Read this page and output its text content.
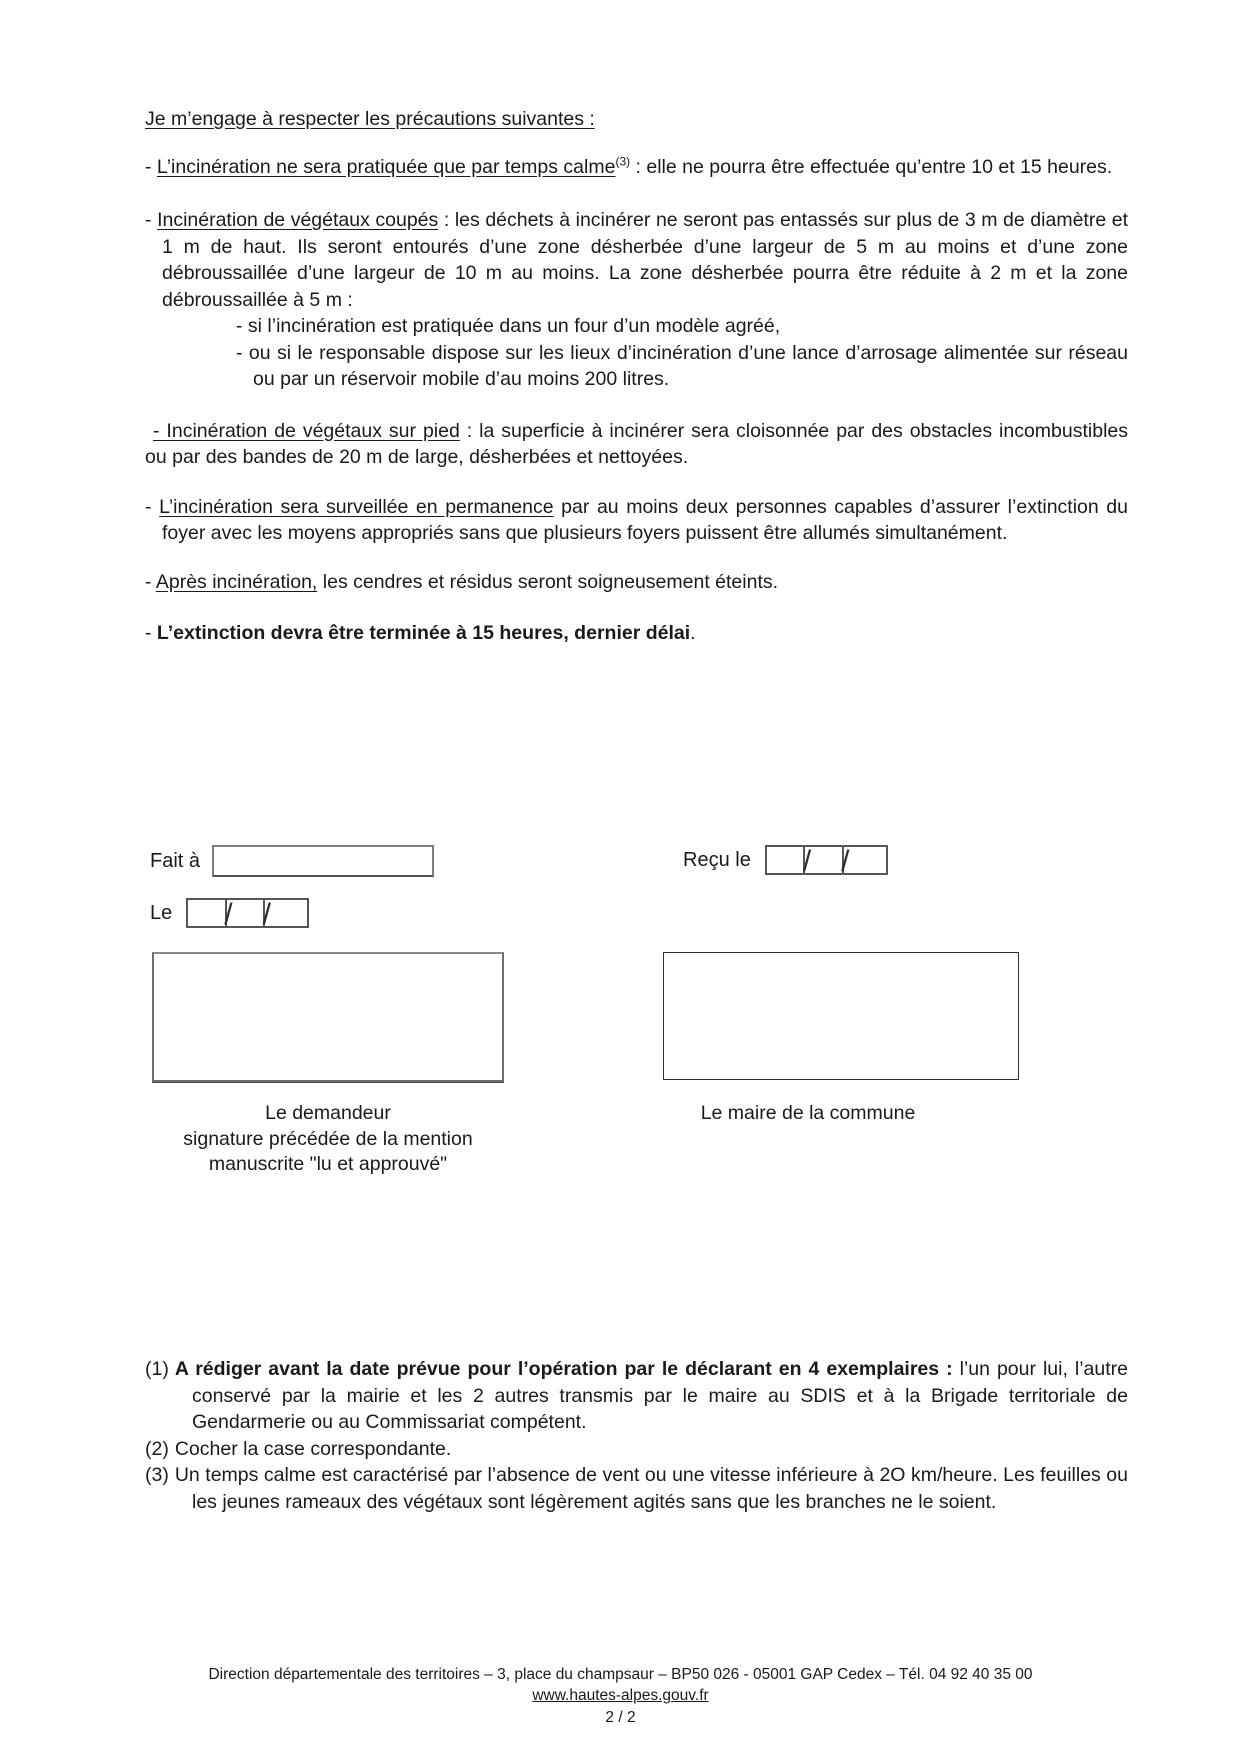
Je m’engage à respecter les précautions suivantes :

- L’incinération ne sera pratiquée que par temps calme$^{(3)}$ : elle ne pourra être effectuée qu’entre 10 et 15 heures.

- Incinération de végétaux coupés : les déchets à incinérer ne seront pas entassés sur plus de 3 m de diamètre et 1 m de haut. Ils seront entourés d’une zone désherbée d’une largeur de 5 m au moins et d’une zone débroussaillée d’une largeur de 10 m au moins. La zone désherbée pourra être réduite à 2 m et la zone débroussaillée à 5 m :

- si l’incinération est pratiquée dans un four d’un modèle agréé,

- ou si le responsable dispose sur les lieux d’incinération d’une lance d’arrosage alimentée sur réseau ou par un réservoir mobile d’au moins 200 litres.

- Incinération de végétaux sur pied : la superficie à incinérer sera cloisonnée par des obstacles incombustibles ou par des bandes de 20 m de large, désherbées et nettoyées.

- L’incinération sera surveillée en permanence par au moins deux personnes capables d’assurer l’extinction du foyer avec les moyens appropriés sans que plusieurs foyers puissent être allumés simultanément.

- Après incinération, les cendres et résidus seront soigneusement éteints.

- L’extinction devra être terminée à 15 heures, dernier délai.

Fait à	Reçu le / /
Le / /
Le demandeur
signature précédée de la mention
manuscrite "lu et approuvé"
Le maire de la commune

(1) A rédiger avant la date prévue pour l’opération par le déclarant en 4 exemplaires : l’un pour lui, l’autre conservé par la mairie et les 2 autres transmis par le maire au SDIS et à la Brigade territoriale de Gendarmerie ou au Commissariat compétent.

(2) Cocher la case correspondante.

(3) Un temps calme est caractérisé par l’absence de vent ou une vitesse inférieure à 2O km/heure. Les feuilles ou les jeunes rameaux des végétaux sont légèrement agités sans que les branches ne le soient.

Direction départementale des territoires – 3, place du champsaur – BP50 026 - 05001 GAP Cedex – Tél. 04 92 40 35 00
www.hautes-alpes.gouv.fr
2 / 2
